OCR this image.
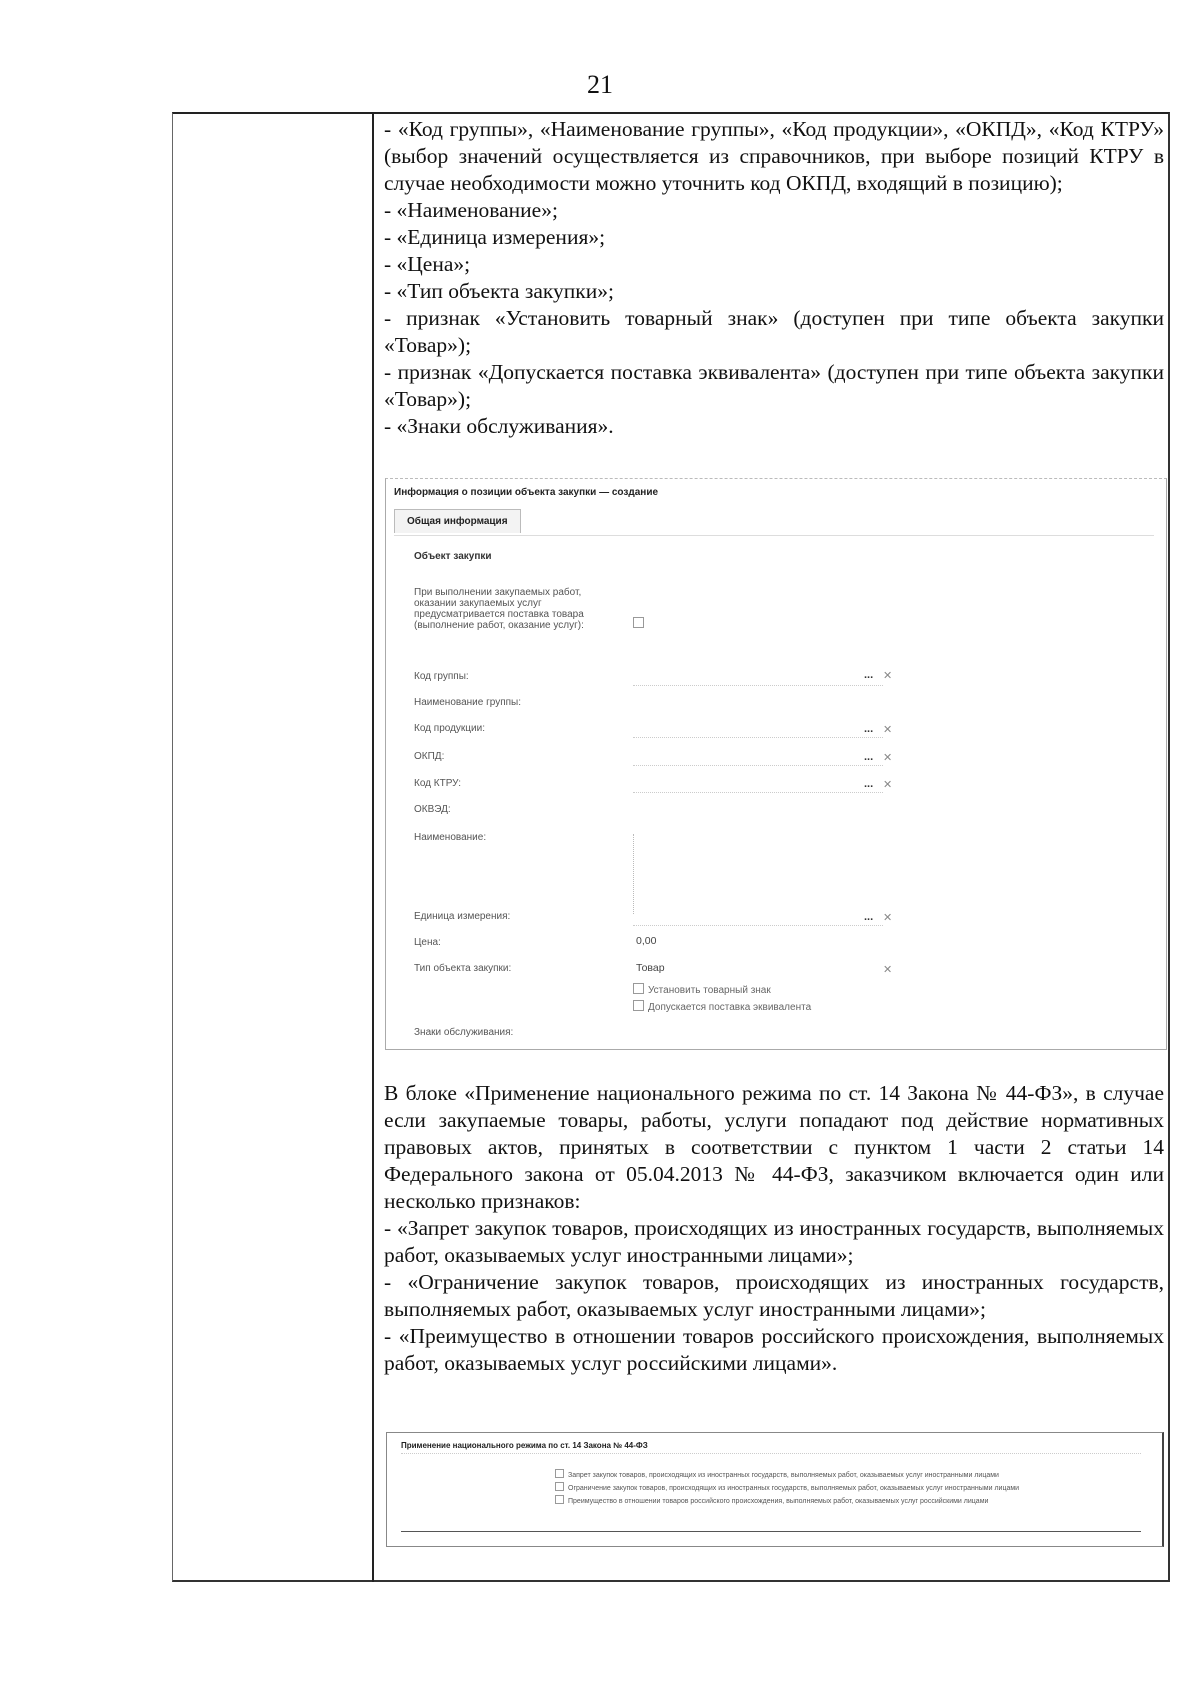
21

- «Код группы», «Наименование группы», «Код продукции», «ОКПД», «Код КТРУ» (выбор значений осуществляется из справочников, при выборе позиций КТРУ в случае необходимости можно уточнить код ОКПД, входящий в позицию);

- «Наименование»;

- «Единица измерения»;

- «Цена»;

- «Тип объекта закупки»;

- признак «Установить товарный знак» (доступен при типе объекта закупки «Товар»);

- признак «Допускается поставка эквивалента» (доступен при типе объекта закупки «Товар»);

- «Знаки обслуживания».

Информация о позиции объекта закупки — создание
Общая информация
Объект закупки
При выполнении закупаемых работ, оказании закупаемых услуг предусматривается поставка товара (выполнение работ, оказание услуг):
Код группы:	... ✕
Наименование группы:
Код продукции:	... ✕
ОКПД:	... ✕
Код КТРУ:	... ✕
ОКВЭД:
Наименование:
Единица измерения:	... ✕
Цена:	0,00
Тип объекта закупки:	Товар	✕
Установить товарный знак
Допускается поставка эквивалента
Знаки обслуживания:

В блоке «Применение национального режима по ст. 14 Закона № 44-ФЗ», в случае если закупаемые товары, работы, услуги попадают под действие нормативных правовых актов, принятых в соответствии с пунктом 1 части 2 статьи 14 Федерального закона от 05.04.2013 № 44-ФЗ, заказчиком включается один или несколько признаков:

- «Запрет закупок товаров, происходящих из иностранных государств, выполняемых работ, оказываемых услуг иностранными лицами»;

- «Ограничение закупок товаров, происходящих из иностранных государств, выполняемых работ, оказываемых услуг иностранными лицами»;

- «Преимущество в отношении товаров российского происхождения, выполняемых работ, оказываемых услуг российскими лицами».

Применение национального режима по ст. 14 Закона № 44-ФЗ
Запрет закупок товаров, происходящих из иностранных государств, выполняемых работ, оказываемых услуг иностранными лицами
Ограничение закупок товаров, происходящих из иностранных государств, выполняемых работ, оказываемых услуг иностранными лицами
Преимущество в отношении товаров российского происхождения, выполняемых работ, оказываемых услуг российскими лицами
